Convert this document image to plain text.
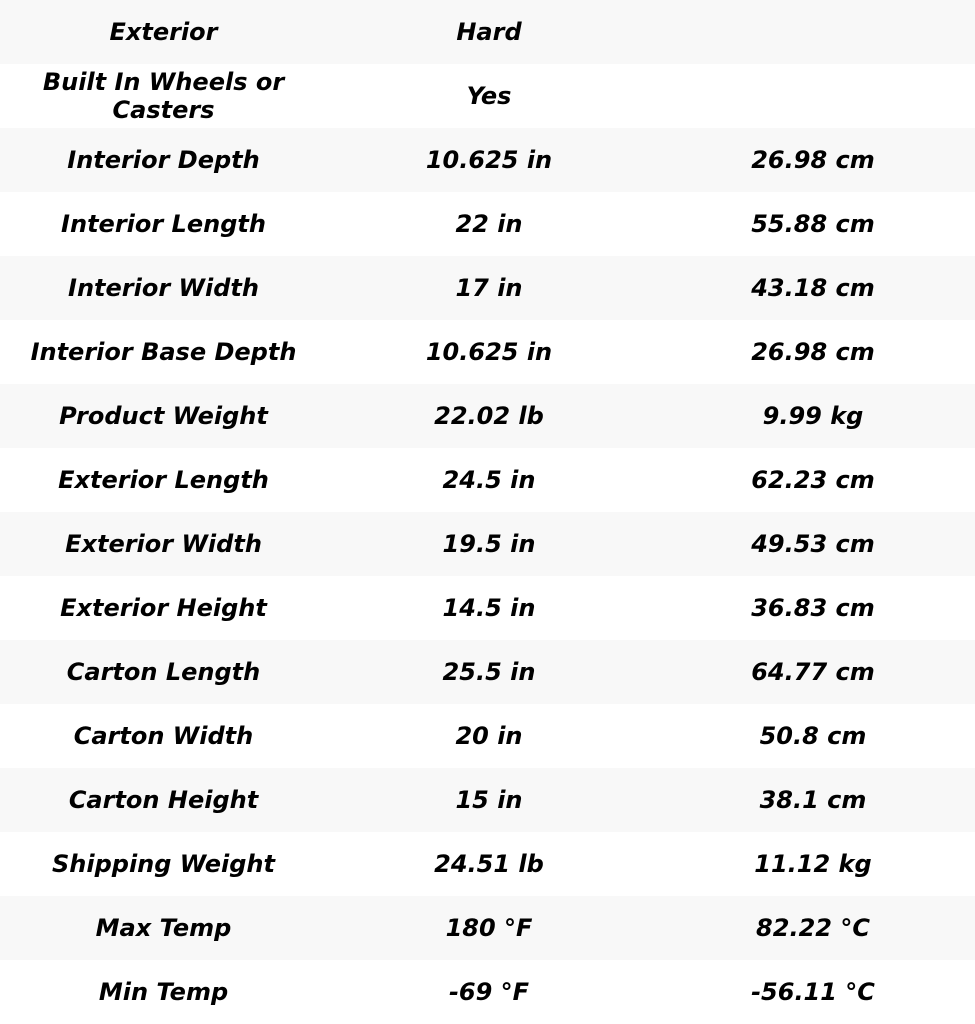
Exterior	Hard	
Built In Wheels or Casters	Yes	
Interior Depth	10.625 in	26.98 cm
Interior Length	22 in	55.88 cm
Interior Width	17 in	43.18 cm
Interior Base Depth	10.625 in	26.98 cm
Product Weight	22.02 lb	9.99 kg
Exterior Length	24.5 in	62.23 cm
Exterior Width	19.5 in	49.53 cm
Exterior Height	14.5 in	36.83 cm
Carton Length	25.5 in	64.77 cm
Carton Width	20 in	50.8 cm
Carton Height	15 in	38.1 cm
Shipping Weight	24.51 lb	11.12 kg
Max Temp	180 °F	82.22 °C
Min Temp	-69 °F	-56.11 °C
